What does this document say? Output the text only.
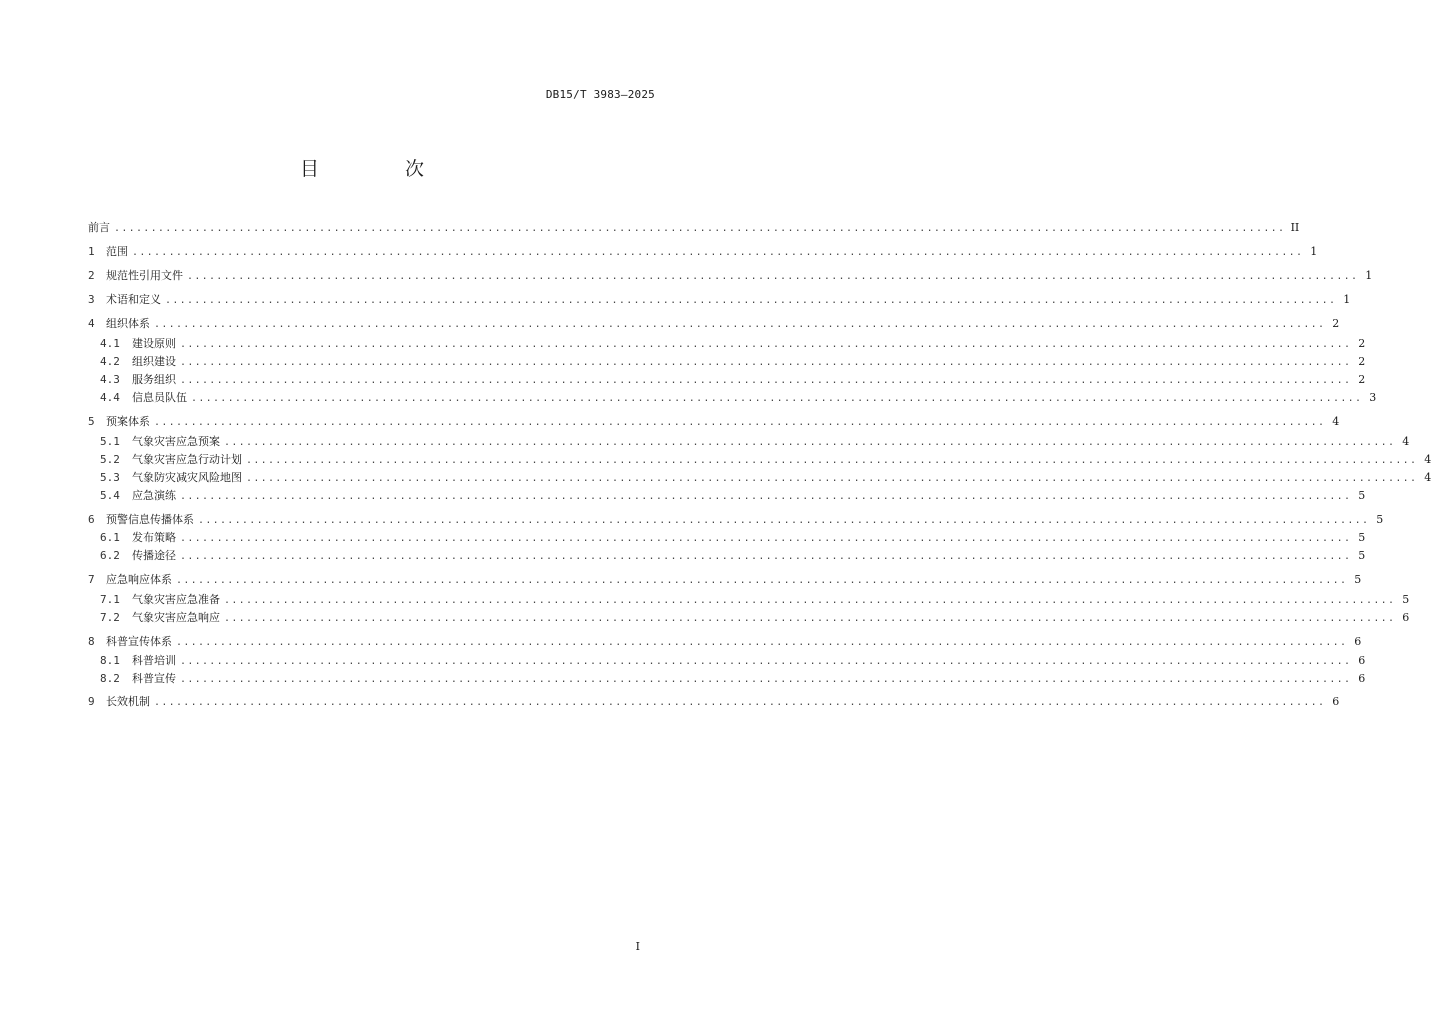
DB15/T 3983—2025
目 次
前言 ................................................................................................................................................................ II
1	范围 ................................................................................................................................................................ 1
2	规范性引用文件 ................................................................................................................................................................ 1
3	术语和定义 ................................................................................................................................................................ 1
4	组织体系 ................................................................................................................................................................ 2
4.1	建设原则 ................................................................................................................................................................ 2
4.2	组织建设 ................................................................................................................................................................ 2
4.3	服务组织 ................................................................................................................................................................ 2
4.4	信息员队伍 ................................................................................................................................................................ 3
5	预案体系 ................................................................................................................................................................ 4
5.1	气象灾害应急预案 ................................................................................................................................................................ 4
5.2	气象灾害应急行动计划 ................................................................................................................................................................ 4
5.3	气象防灾减灾风险地图 ................................................................................................................................................................ 4
5.4	应急演练 ................................................................................................................................................................ 5
6	预警信息传播体系 ................................................................................................................................................................ 5
6.1	发布策略 ................................................................................................................................................................ 5
6.2	传播途径 ................................................................................................................................................................ 5
7	应急响应体系 ................................................................................................................................................................ 5
7.1	气象灾害应急准备 ................................................................................................................................................................ 5
7.2	气象灾害应急响应 ................................................................................................................................................................ 6
8	科普宣传体系 ................................................................................................................................................................ 6
8.1	科普培训 ................................................................................................................................................................ 6
8.2	科普宣传 ................................................................................................................................................................ 6
9	长效机制 ................................................................................................................................................................ 6
I
